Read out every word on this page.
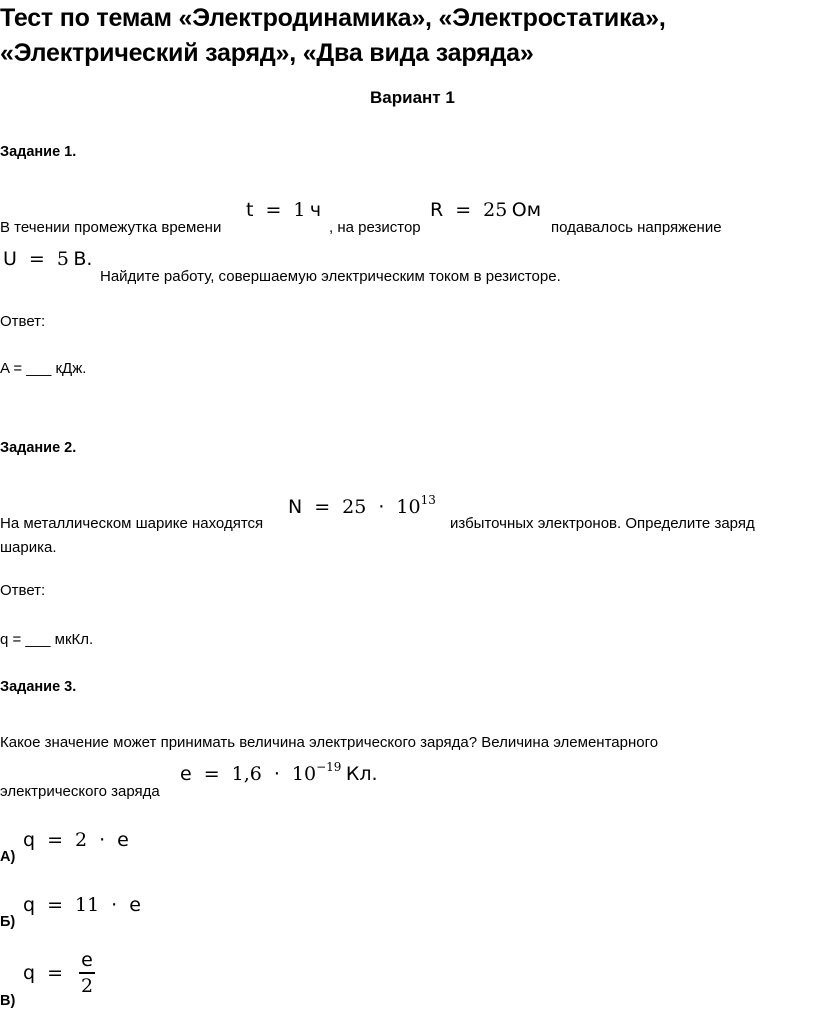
Тест по темам «Электродинамика», «Электростатика»,
«Электрический заряд», «Два вида заряда»
Вариант 1
Задание 1.
t = 1 ч	R = 25 Ом
В течении промежутка времени	, на резистор	подавалось напряжение
U = 5 В.
Найдите работу, совершаемую электрическим током в резисторе.
Ответ:
A = ___ кДж.
Задание 2.
$N = 25 \cdot 10^{13}$
На металлическом шарике находятся	избыточных электронов. Определите заряд
шарика.
Ответ:
q = ___ мкКл.
Задание 3.
Какое значение может принимать величина электрического заряда? Величина элементарного
$e = 1,6 \cdot 10^{-19}$ Кл.
электрического заряда
q = 2 · e
А)
q = 11 · e
Б)
$q = \frac{e}{2}$
В)
